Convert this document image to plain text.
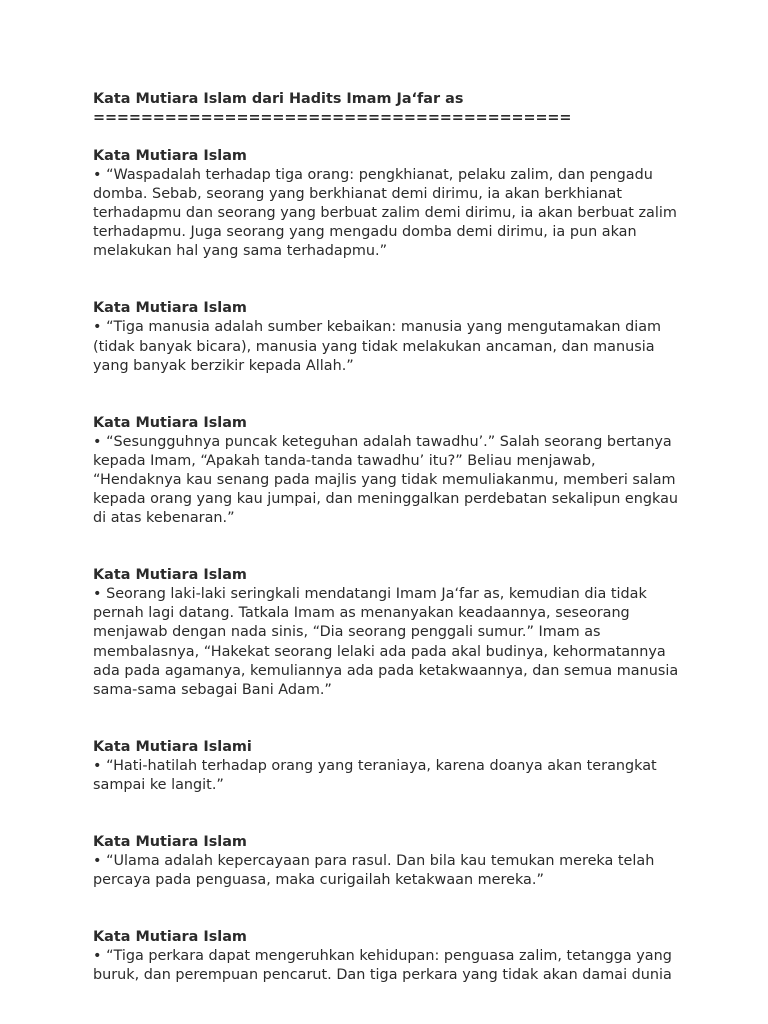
Kata Mutiara Islam dari Hadits Imam Ja‘far as

========================================

Kata Mutiara Islam

• “Waspadalah terhadap tiga orang: pengkhianat, pelaku zalim, dan pengadu
domba. Sebab, seorang yang berkhianat demi dirimu, ia akan berkhianat
terhadapmu dan seorang yang berbuat zalim demi dirimu, ia akan berbuat zalim
terhadapmu. Juga seorang yang mengadu domba demi dirimu, ia pun akan
melakukan hal yang sama terhadapmu.”

Kata Mutiara Islam

• “Tiga manusia adalah sumber kebaikan: manusia yang mengutamakan diam
(tidak banyak bicara), manusia yang tidak melakukan ancaman, dan manusia
yang banyak berzikir kepada Allah.”

Kata Mutiara Islam

• “Sesungguhnya puncak keteguhan adalah tawadhu’.” Salah seorang bertanya
kepada Imam, “Apakah tanda-tanda tawadhu’ itu?” Beliau menjawab,
“Hendaknya kau senang pada majlis yang tidak memuliakanmu, memberi salam
kepada orang yang kau jumpai, dan meninggalkan perdebatan sekalipun engkau
di atas kebenaran.”

Kata Mutiara Islam

• Seorang laki-laki seringkali mendatangi Imam Ja‘far as, kemudian dia tidak
pernah lagi datang. Tatkala Imam as menanyakan keadaannya, seseorang
menjawab dengan nada sinis, “Dia seorang penggali sumur.” Imam as
membalasnya, “Hakekat seorang lelaki ada pada akal budinya, kehormatannya
ada pada agamanya, kemuliannya ada pada ketakwaannya, dan semua manusia
sama-sama sebagai Bani Adam.”

Kata Mutiara Islami

• “Hati-hatilah terhadap orang yang teraniaya, karena doanya akan terangkat
sampai ke langit.”

Kata Mutiara Islam

• “Ulama adalah kepercayaan para rasul. Dan bila kau temukan mereka telah
percaya pada penguasa, maka curigailah ketakwaan mereka.”

Kata Mutiara Islam

• “Tiga perkara dapat mengeruhkan kehidupan: penguasa zalim, tetangga yang
buruk, dan perempuan pencarut. Dan tiga perkara yang tidak akan damai dunia
